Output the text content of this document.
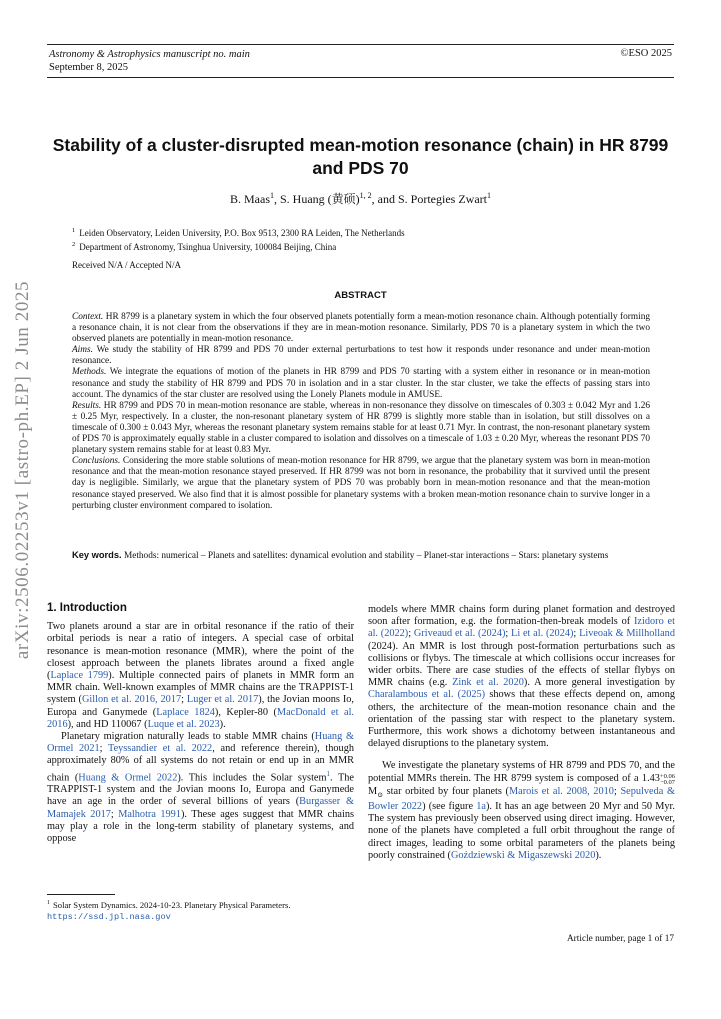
Astronomy & Astrophysics manuscript no. main
September 8, 2025
©ESO 2025
arXiv:2506.02253v1 [astro-ph.EP] 2 Jun 2025
Stability of a cluster-disrupted mean-motion resonance (chain) in HR 8799 and PDS 70
B. Maas$^1$, S. Huang (黄硕)$^{1, 2}$, and S. Portegies Zwart$^1$
$^1$ Leiden Observatory, Leiden University, P.O. Box 9513, 2300 RA Leiden, The Netherlands
$^2$ Department of Astronomy, Tsinghua University, 100084 Beijing, China
Received N/A / Accepted N/A
ABSTRACT

Context. HR 8799 is a planetary system in which the four observed planets potentially form a mean-motion resonance chain. Although potentially forming a resonance chain, it is not clear from the observations if they are in mean-motion resonance. Similarly, PDS 70 is a planetary system in which the two observed planets are potentially in mean-motion resonance.

Aims. We study the stability of HR 8799 and PDS 70 under external perturbations to test how it responds under resonance and under mean-motion resonance.

Methods. We integrate the equations of motion of the planets in HR 8799 and PDS 70 starting with a system either in resonance or in mean-motion resonance and study the stability of HR 8799 and PDS 70 in isolation and in a star cluster. In the star cluster, we take the effects of passing stars into account. The dynamics of the star cluster are resolved using the Lonely Planets module in AMUSE.

Results. HR 8799 and PDS 70 in mean-motion resonance are stable, whereas in non-resonance they dissolve on timescales of 0.303 ± 0.042 Myr and 1.26 ± 0.25 Myr, respectively. In a cluster, the non-resonant planetary system of HR 8799 is slightly more stable than in isolation, but still dissolves on a timescale of 0.300 ± 0.043 Myr, whereas the resonant planetary system remains stable for at least 0.71 Myr. In contrast, the non-resonant planetary system of PDS 70 is approximately equally stable in a cluster compared to isolation and dissolves on a timescale of 1.03 ± 0.20 Myr, whereas the resonant PDS 70 planetary system remains stable for at least 0.83 Myr.

Conclusions. Considering the more stable solutions of mean-motion resonance for HR 8799, we argue that the planetary system was born in mean-motion resonance and that the mean-motion resonance stayed preserved. If HR 8799 was not born in resonance, the probability that it survived until the present day is negligible. Similarly, we argue that the planetary system of PDS 70 was probably born in mean-motion resonance and that the mean-motion resonance stayed preserved. We also find that it is almost possible for planetary systems with a broken mean-motion resonance chain to survive longer in a perturbing cluster environment compared to isolation.

Key words. Methods: numerical – Planets and satellites: dynamical evolution and stability – Planet-star interactions – Stars: planetary systems
1. Introduction

Two planets around a star are in orbital resonance if the ratio of their orbital periods is near a ratio of integers. A special case of orbital resonance is mean-motion resonance (MMR), where the point of the closest approach between the planets librates around a fixed angle (Laplace 1799). Multiple connected pairs of planets in MMR form an MMR chain. Well-known examples of MMR chains are the TRAPPIST-1 system (Gillon et al. 2016, 2017; Luger et al. 2017), the Jovian moons Io, Europa and Ganymede (Laplace 1824), Kepler-80 (MacDonald et al. 2016), and HD 110067 (Luque et al. 2023).

Planetary migration naturally leads to stable MMR chains (Huang & Ormel 2021; Teyssandier et al. 2022, and reference therein), though approximately 80% of all systems do not retain or end up in an MMR chain (Huang & Ormel 2022). This includes the Solar system$^1$. The TRAPPIST-1 system and the Jovian moons Io, Europa and Ganymede have an age in the order of several billions of years (Burgasser & Mamajek 2017; Malhotra 1991). These ages suggest that MMR chains may play a role in the long-term stability of planetary systems, and oppose

models where MMR chains form during planet formation and destroyed soon after formation, e.g. the formation-then-break models of Izidoro et al. (2022); Griveaud et al. (2024); Li et al. (2024); Liveoak & Millholland (2024). An MMR is lost through post-formation perturbations such as collisions or flybys. The timescale at which collisions occur increases for wider orbits. There are case studies of the effects of stellar flybys on MMR chains (e.g. Zink et al. 2020). A more general investigation by Charalambous et al. (2025) shows that these effects depend on, among others, the architecture of the mean-motion resonance chain and the orientation of the passing star with respect to the planetary system. Furthermore, this work shows a dichotomy between instantaneous and delayed disruptions to the planetary system.

We investigate the planetary systems of HR 8799 and PDS 70, and the potential MMRs therein. The HR 8799 system is composed of a 1.43 +0.06
−0.07
$M_⊙$ star orbited by four planets (Marois et al. 2008, 2010; Sepulveda & Bowler 2022) (see figure 1a). It has an age between 20 Myr and 50 Myr. The system has previously been observed using direct imaging. However, none of the planets have completed a full orbit throughout the range of direct images, leading to some orbital parameters of the planets being poorly constrained (Goździewski & Migaszewski 2020).

$^1$ Solar System Dynamics. 2024-10-23. Planetary Physical Parameters.
https://ssd.jpl.nasa.gov
Article number, page 1 of 17
